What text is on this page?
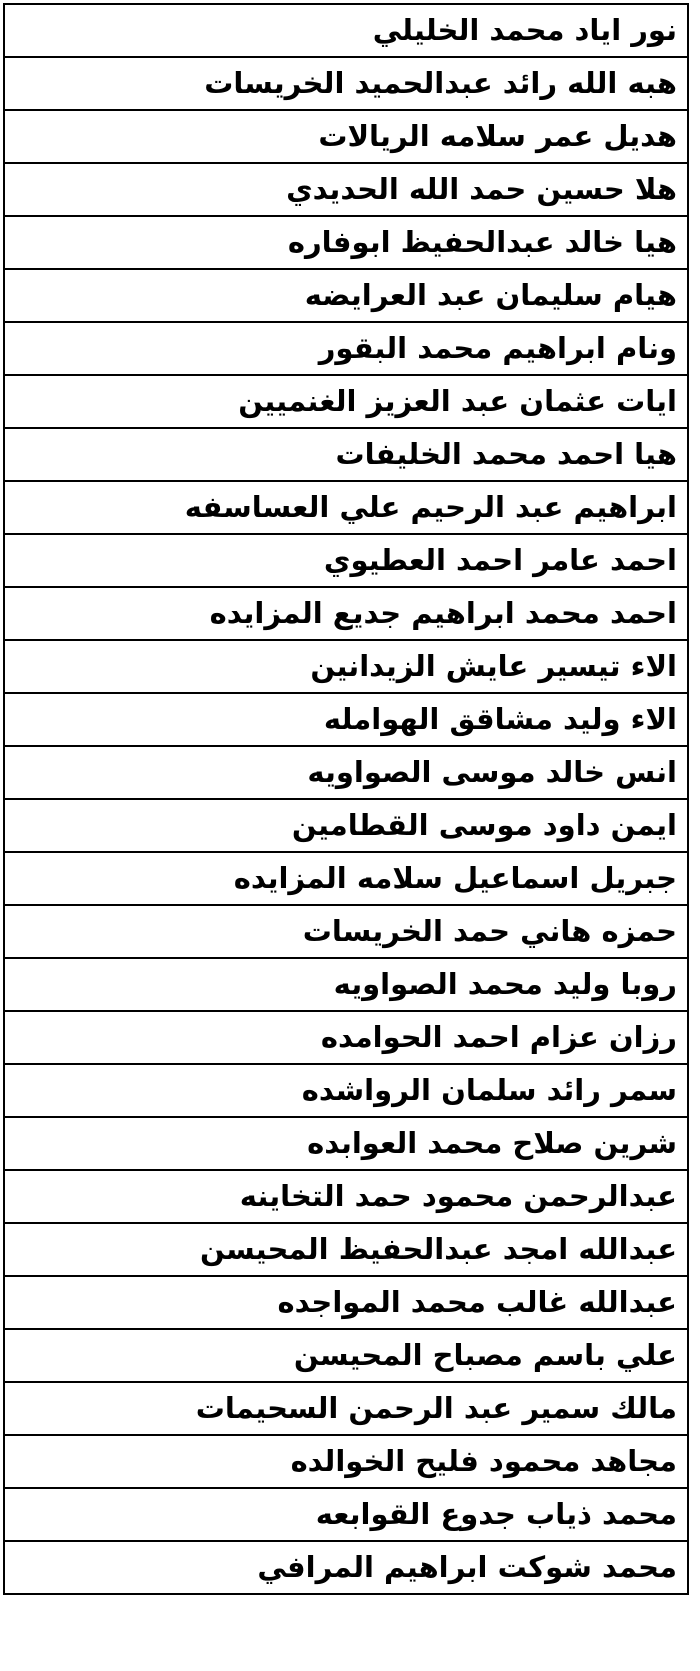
نور اياد محمد الخليلي
هبه الله رائد عبدالحميد الخريسات
هديل عمر سلامه الريالات
هلا حسين حمد الله الحديدي
هيا خالد عبدالحفيظ ابوفاره
هيام سليمان عبد العرايضه
ونام ابراهيم محمد البقور
ايات عثمان عبد العزيز الغنميين
هيا احمد محمد الخليفات
ابراهيم عبد الرحيم علي العساسفه
احمد عامر احمد العطيوي
احمد محمد ابراهيم جديع المزايده
الاء تيسير عايش الزيدانين
الاء وليد مشاقق الهوامله
انس خالد موسى الصواويه
ايمن داود موسى القطامين
جبريل اسماعيل سلامه المزايده
حمزه هاني حمد الخريسات
روبا وليد محمد الصواويه
رزان عزام احمد الحوامده
سمر رائد سلمان الرواشده
شرين صلاح محمد العوابده
عبدالرحمن محمود حمد التخاينه
عبدالله امجد عبدالحفيظ المحيسن
عبدالله غالب محمد المواجده
علي باسم مصباح المحيسن
مالك سمير عبد الرحمن السحيمات
مجاهد محمود فليح الخوالده
محمد ذياب جدوع القوابعه
محمد شوكت ابراهيم المرافي
